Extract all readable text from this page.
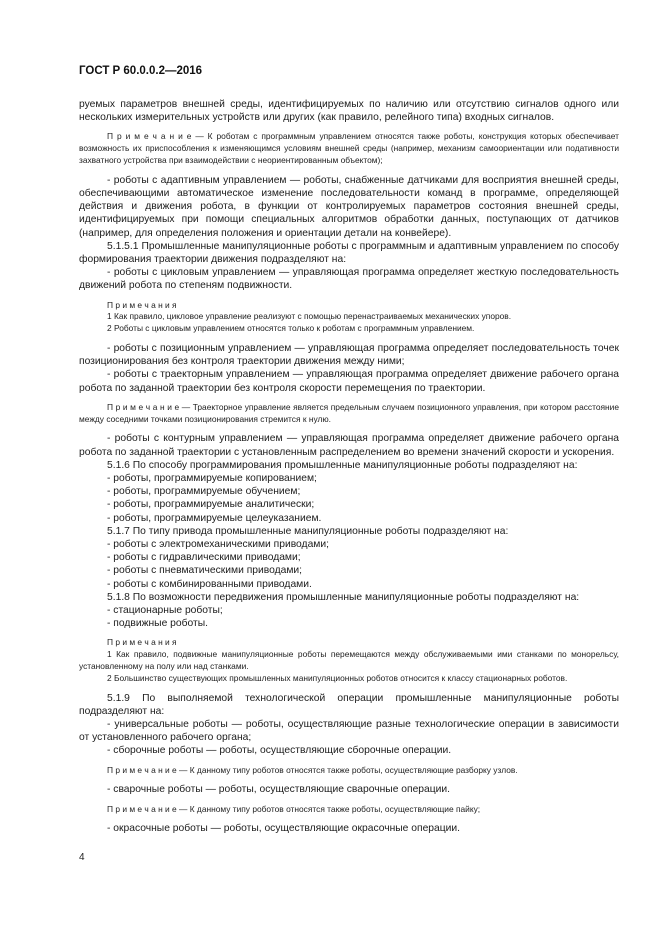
ГОСТ Р 60.0.0.2—2016

руемых параметров внешней среды, идентифицируемых по наличию или отсутствию сигналов одного или нескольких измерительных устройств или других (как правило, релейного типа) входных сигналов.

П р и м е ч а н и е — К роботам с программным управлением относятся также роботы, конструкция которых обеспечивает возможность их приспособления к изменяющимся условиям внешней среды (например, механизм самоориентации или подативности захватного устройства при взаимодействии с неориентированным объектом);

- роботы с адаптивным управлением — роботы, снабженные датчиками для восприятия внешней среды, обеспечивающими автоматическое изменение последовательности команд в программе, определяющей действия и движения робота, в функции от контролируемых параметров состояния внешней среды, идентифицируемых при помощи специальных алгоритмов обработки данных, поступающих от датчиков (например, для определения положения и ориентации детали на конвейере).

5.1.5.1 Промышленные манипуляционные роботы с программным и адаптивным управлением по способу формирования траектории движения подразделяют на:

- роботы с цикловым управлением — управляющая программа определяет жесткую последовательность движений робота по степеням подвижности.

П р и м е ч а н и я

1 Как правило, цикловое управление реализуют с помощью перенастраиваемых механических упоров.

2 Роботы с цикловым управлением относятся только к роботам с программным управлением.

- роботы с позиционным управлением — управляющая программа определяет последовательность точек позиционирования без контроля траектории движения между ними;

- роботы с траекторным управлением — управляющая программа определяет движение рабочего органа робота по заданной траектории без контроля скорости перемещения по траектории.

П р и м е ч а н и е — Траекторное управление является предельным случаем позиционного управления, при котором расстояние между соседними точками позиционирования стремится к нулю.

- роботы с контурным управлением — управляющая программа определяет движение рабочего органа робота по заданной траектории с установленным распределением во времени значений скорости и ускорения.

5.1.6 По способу программирования промышленные манипуляционные роботы подразделяют на:

- роботы, программируемые копированием;

- роботы, программируемые обучением;

- роботы, программируемые аналитически;

- роботы, программируемые целеуказанием.

5.1.7 По типу привода промышленные манипуляционные роботы подразделяют на:

- роботы с электромеханическими приводами;

- роботы с гидравлическими приводами;

- роботы с пневматическими приводами;

- роботы с комбинированными приводами.

5.1.8 По возможности передвижения промышленные манипуляционные роботы подразделяют на:

- стационарные роботы;

- подвижные роботы.

П р и м е ч а н и я

1 Как правило, подвижные манипуляционные роботы перемещаются между обслуживаемыми ими станками по монорельсу, установленному на полу или над станками.

2 Большинство существующих промышленных манипуляционных роботов относится к классу стационарных роботов.

5.1.9 По выполняемой технологической операции промышленные манипуляционные роботы подразделяют на:

- универсальные роботы — роботы, осуществляющие разные технологические операции в зависимости от установленного рабочего органа;

- сборочные роботы — роботы, осуществляющие сборочные операции.

П р и м е ч а н и е — К данному типу роботов относятся также роботы, осуществляющие разборку узлов.

- сварочные роботы — роботы, осуществляющие сварочные операции.

П р и м е ч а н и е — К данному типу роботов относятся также роботы, осуществляющие пайку;

- окрасочные роботы — роботы, осуществляющие окрасочные операции.

4
